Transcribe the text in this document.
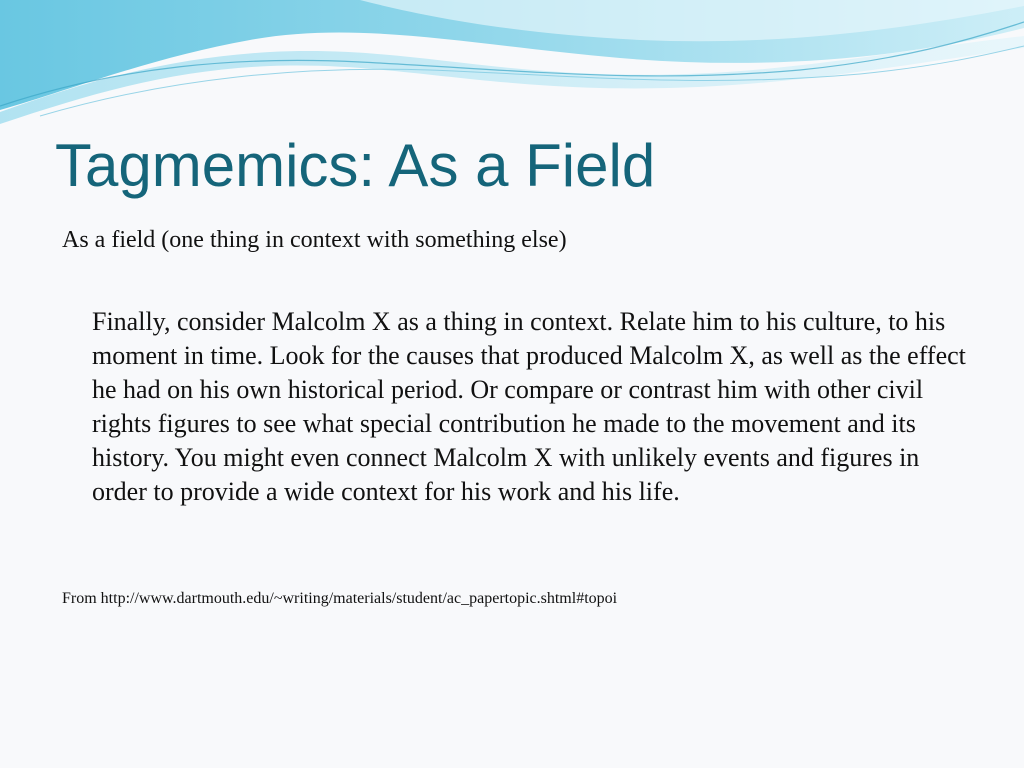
Tagmemics: As a Field

As a field (one thing in context with something else)

Finally, consider Malcolm X as a thing in context. Relate him to his culture, to his moment in time. Look for the causes that produced Malcolm X, as well as the effect he had on his own historical period. Or compare or contrast him with other civil rights figures to see what special contribution he made to the movement and its history. You might even connect Malcolm X with unlikely events and figures in order to provide a wide context for his work and his life.

From http://www.dartmouth.edu/~writing/materials/student/ac_papertopic.shtml#topoi
